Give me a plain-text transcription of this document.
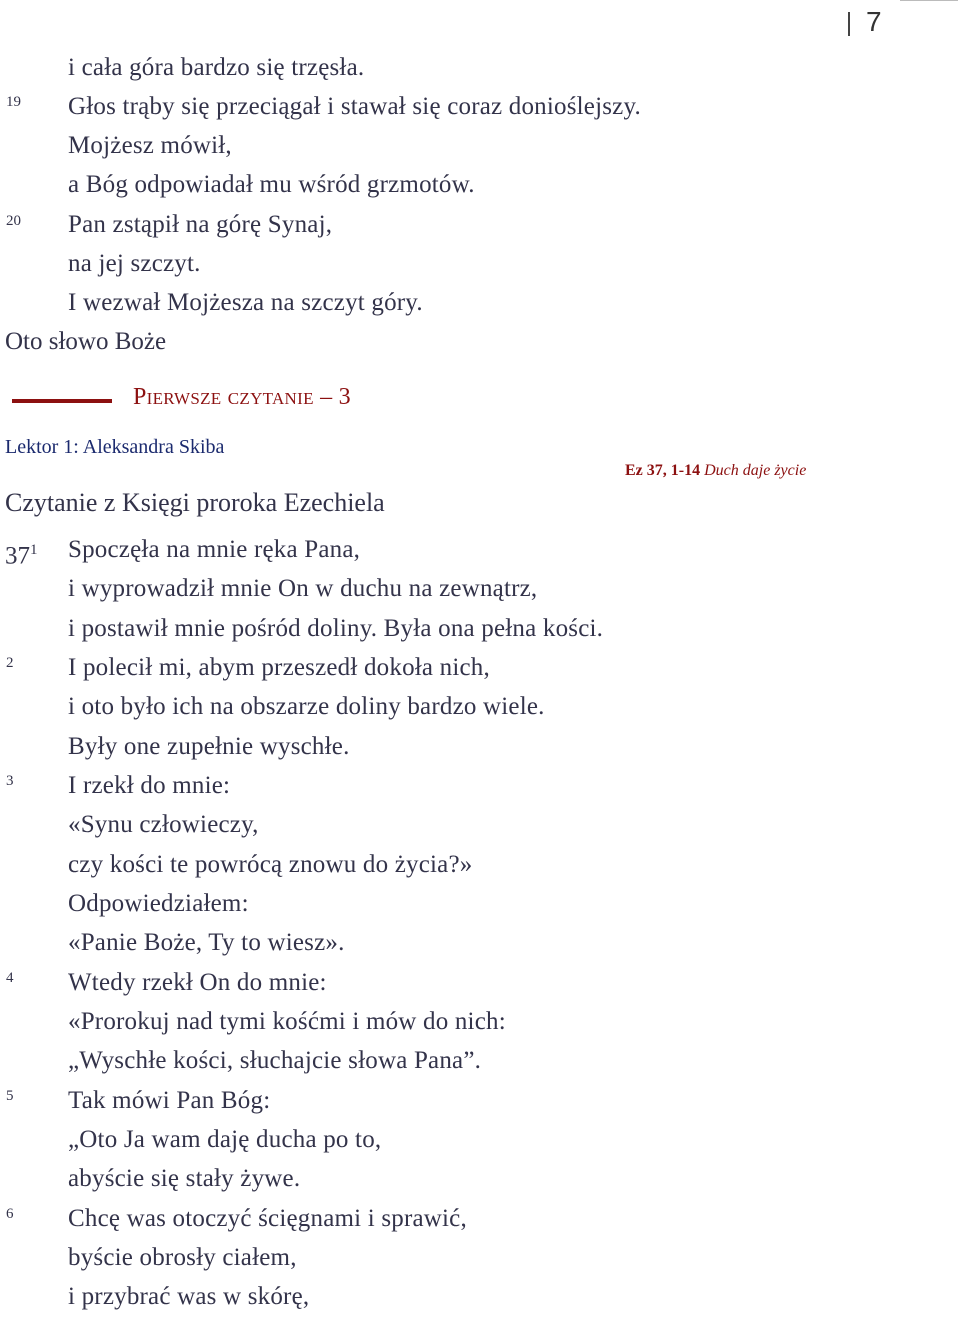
7
19
20
i cała góra bardzo się trzęsła.
Głos trąby się przeciągał i stawał się coraz donioślejszy.
Mojżesz mówił,
a Bóg odpowiadał mu wśród grzmotów.
Pan zstąpił na górę Synaj,
na jej szczyt.
I wezwał Mojżesza na szczyt góry.
Oto słowo Boże
Pierwsze czytanie – 3
Lektor 1: Aleksandra Skiba
Ez 37, 1-14 Duch daje życie
Czytanie z Księgi proroka Ezechiela
$37^1$
2
3
4
5
6
Spoczęła na mnie ręka Pana,
i wyprowadził mnie On w duchu na zewnątrz,
i postawił mnie pośród doliny. Była ona pełna kości.
I polecił mi, abym przeszedł dokoła nich,
i oto było ich na obszarze doliny bardzo wiele.
Były one zupełnie wyschłe.
I rzekł do mnie:
«Synu człowieczy,
czy kości te powrócą znowu do życia?»
Odpowiedziałem:
«Panie Boże, Ty to wiesz».
Wtedy rzekł On do mnie:
«Prorokuj nad tymi kośćmi i mów do nich:
„Wyschłe kości, słuchajcie słowa Pana”.
Tak mówi Pan Bóg:
„Oto Ja wam daję ducha po to,
abyście się stały żywe.
Chcę was otoczyć ścięgnami i sprawić,
byście obrosły ciałem,
i przybrać was w skórę,
